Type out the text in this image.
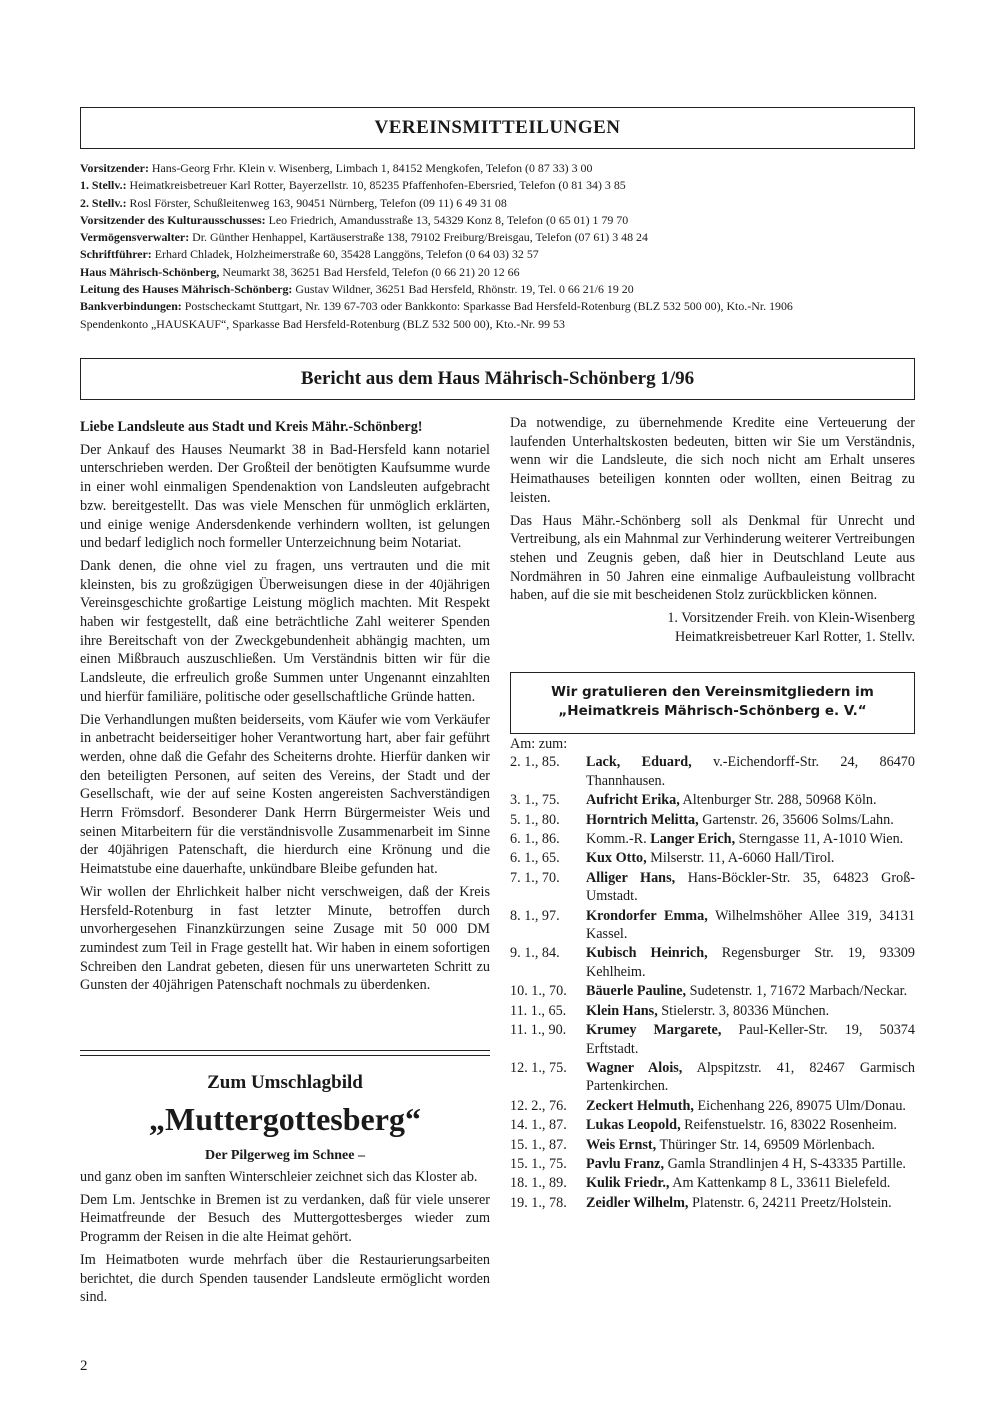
VEREINSMITTEILUNGEN
Vorsitzender: Hans-Georg Frhr. Klein v. Wisenberg, Limbach 1, 84152 Mengkofen, Telefon (0 87 33) 3 00
1. Stellv.: Heimatkreisbetreuer Karl Rotter, Bayerzellstr. 10, 85235 Pfaffenhofen-Ebersried, Telefon (0 81 34) 3 85
2. Stellv.: Rosl Förster, Schußleitenweg 163, 90451 Nürnberg, Telefon (09 11) 6 49 31 08
Vorsitzender des Kulturausschusses: Leo Friedrich, Amandusstraße 13, 54329 Konz 8, Telefon (0 65 01) 1 79 70
Vermögensverwalter: Dr. Günther Henhappel, Kartäuserstraße 138, 79102 Freiburg/Breisgau, Telefon (07 61) 3 48 24
Schriftführer: Erhard Chladek, Holzheimerstraße 60, 35428 Langgöns, Telefon (0 64 03) 32 57
Haus Mährisch-Schönberg, Neumarkt 38, 36251 Bad Hersfeld, Telefon (0 66 21) 20 12 66
Leitung des Hauses Mährisch-Schönberg: Gustav Wildner, 36251 Bad Hersfeld, Rhönstr. 19, Tel. 0 66 21/6 19 20
Bankverbindungen: Postscheckamt Stuttgart, Nr. 139 67-703 oder Bankkonto: Sparkasse Bad Hersfeld-Rotenburg (BLZ 532 500 00), Kto.-Nr. 1906
Spendenkonto „HAUSKAUF“, Sparkasse Bad Hersfeld-Rotenburg (BLZ 532 500 00), Kto.-Nr. 99 53
Bericht aus dem Haus Mährisch-Schönberg 1/96
Liebe Landsleute aus Stadt und Kreis Mähr.-Schönberg!

Der Ankauf des Hauses Neumarkt 38 in Bad-Hersfeld kann notariel unterschrieben werden. Der Großteil der benötigten Kaufsumme wurde in einer wohl einmaligen Spendenaktion von Landsleuten aufgebracht bzw. bereitgestellt. Das was viele Menschen für unmöglich erklärten, und einige wenige Andersdenkende verhindern wollten, ist gelungen und bedarf lediglich noch formeller Unterzeichnung beim Notariat.

Dank denen, die ohne viel zu fragen, uns vertrauten und die mit kleinsten, bis zu großzügigen Überweisungen diese in der 40jährigen Vereinsgeschichte großartige Leistung möglich machten. Mit Respekt haben wir festgestellt, daß eine beträchtliche Zahl weiterer Spenden ihre Bereitschaft von der Zweckgebundenheit abhängig machten, um einen Mißbrauch auszuschließen. Um Verständnis bitten wir für die Landsleute, die erfreulich große Summen unter Ungenannt einzahlten und hierfür familiäre, politische oder gesellschaftliche Gründe hatten.

Die Verhandlungen mußten beiderseits, vom Käufer wie vom Verkäufer in anbetracht beiderseitiger hoher Verantwortung hart, aber fair geführt werden, ohne daß die Gefahr des Scheiterns drohte. Hierfür danken wir den beteiligten Personen, auf seiten des Vereins, der Stadt und der Gesellschaft, wie der auf seine Kosten angereisten Sachverständigen Herrn Frömsdorf. Besonderer Dank Herrn Bürgermeister Weis und seinen Mitarbeitern für die verständnisvolle Zusammenarbeit im Sinne der 40jährigen Patenschaft, die hierdurch eine Krönung und die Heimatstube eine dauerhafte, unkündbare Bleibe gefunden hat.

Wir wollen der Ehrlichkeit halber nicht verschweigen, daß der Kreis Hersfeld-Rotenburg in fast letzter Minute, betroffen durch unvorhergesehen Finanzkürzungen seine Zusage mit 50 000 DM zumindest zum Teil in Frage gestellt hat. Wir haben in einem sofortigen Schreiben den Landrat gebeten, diesen für uns unerwarteten Schritt zu Gunsten der 40jährigen Patenschaft nochmals zu überdenken.

Zum Umschlagbild
„Muttergottesberg“
Der Pilgerweg im Schnee –

und ganz oben im sanften Winterschleier zeichnet sich das Kloster ab.

Dem Lm. Jentschke in Bremen ist zu verdanken, daß für viele unserer Heimatfreunde der Besuch des Muttergottesberges wieder zum Programm der Reisen in die alte Heimat gehört.

Im Heimatboten wurde mehrfach über die Restaurierungsarbeiten berichtet, die durch Spenden tausender Landsleute ermöglicht worden sind.

Da notwendige, zu übernehmende Kredite eine Verteuerung der laufenden Unterhaltskosten bedeuten, bitten wir Sie um Verständnis, wenn wir die Landsleute, die sich noch nicht am Erhalt unseres Heimathauses beteiligen konnten oder wollten, einen Beitrag zu leisten.

Das Haus Mähr.-Schönberg soll als Denkmal für Unrecht und Vertreibung, als ein Mahnmal zur Verhinderung weiterer Vertreibungen stehen und Zeugnis geben, daß hier in Deutschland Leute aus Nordmähren in 50 Jahren eine einmalige Aufbauleistung vollbracht haben, auf die sie mit bescheidenen Stolz zurückblicken können.

1. Vorsitzender Freih. von Klein-Wisenberg

Heimatkreisbetreuer Karl Rotter, 1. Stellv.

Wir gratulieren den Vereinsmitgliedern im
„Heimatkreis Mährisch-Schönberg e. V.“

Am: zum:

2. 1., 85.	Lack, Eduard, v.-Eichendorff-Str. 24, 86470 Thannhausen.
3. 1., 75.	Aufricht Erika, Altenburger Str. 288, 50968 Köln.
5. 1., 80.	Horntrich Melitta, Gartenstr. 26, 35606 Solms/Lahn.
6. 1., 86.	Komm.-R. Langer Erich, Sterngasse 11, A-1010 Wien.
6. 1., 65.	Kux Otto, Milserstr. 11, A-6060 Hall/Tirol.
7. 1., 70.	Alliger Hans, Hans-Böckler-Str. 35, 64823 Groß-Umstadt.
8. 1., 97.	Krondorfer Emma, Wilhelmshöher Allee 319, 34131 Kassel.
9. 1., 84.	Kubisch Heinrich, Regensburger Str. 19, 93309 Kehlheim.
10. 1., 70.	Bäuerle Pauline, Sudetenstr. 1, 71672 Marbach/Neckar.
11. 1., 65.	Klein Hans, Stielerstr. 3, 80336 München.
11. 1., 90.	Krumey Margarete, Paul-Keller-Str. 19, 50374 Erftstadt.
12. 1., 75.	Wagner Alois, Alpspitzstr. 41, 82467 Garmisch Partenkirchen.
12. 2., 76.	Zeckert Helmuth, Eichenhang 226, 89075 Ulm/Donau.
14. 1., 87.	Lukas Leopold, Reifenstuelstr. 16, 83022 Rosenheim.
15. 1., 87.	Weis Ernst, Thüringer Str. 14, 69509 Mörlenbach.
15. 1., 75.	Pavlu Franz, Gamla Strandlinjen 4 H, S-43335 Partille.
18. 1., 89.	Kulik Friedr., Am Kattenkamp 8 L, 33611 Bielefeld.
19. 1., 78.	Zeidler Wilhelm, Platenstr. 6, 24211 Preetz/Holstein.
2
